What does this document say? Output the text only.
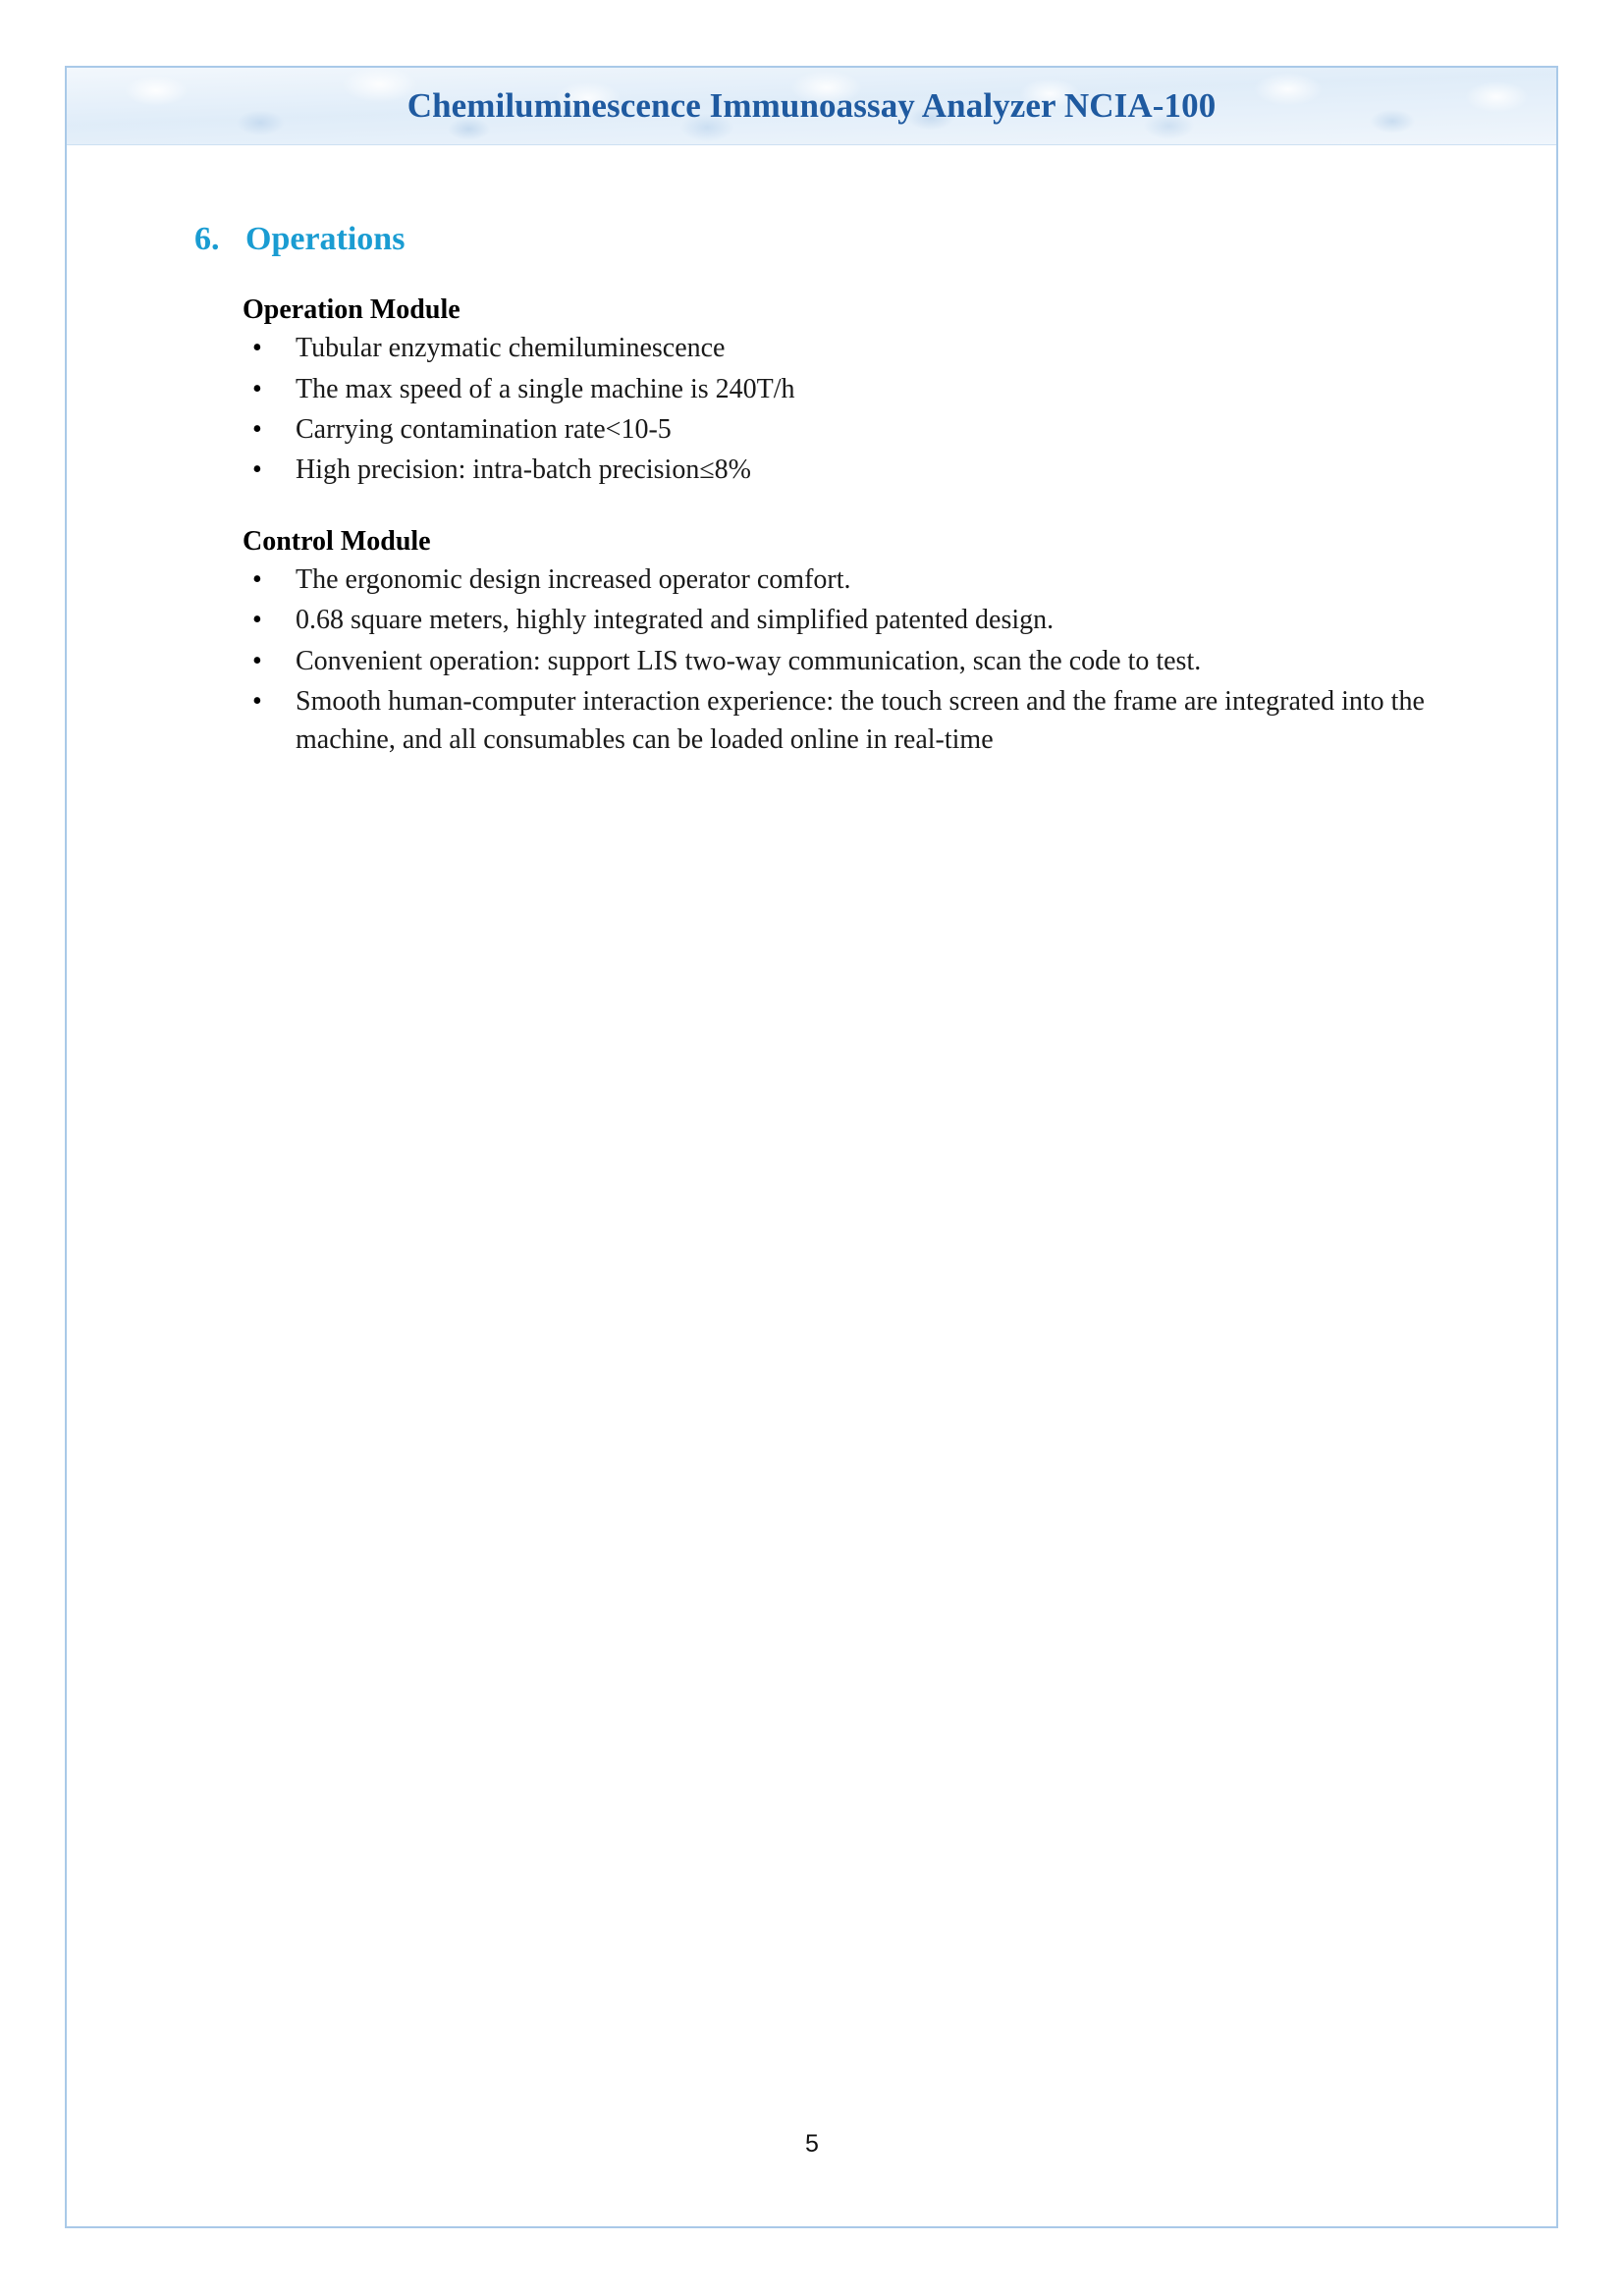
Chemiluminescence Immunoassay Analyzer NCIA-100
6. Operations
Operation Module
• Tubular enzymatic chemiluminescence
• The max speed of a single machine is 240T/h
• Carrying contamination rate<10-5
• High precision: intra-batch precision≤8%
Control Module
• The ergonomic design increased operator comfort.
• 0.68 square meters, highly integrated and simplified patented design.
• Convenient operation: support LIS two-way communication, scan the code to test.
• Smooth human-computer interaction experience: the touch screen and the frame are integrated into the machine, and all consumables can be loaded online in real-time
5
